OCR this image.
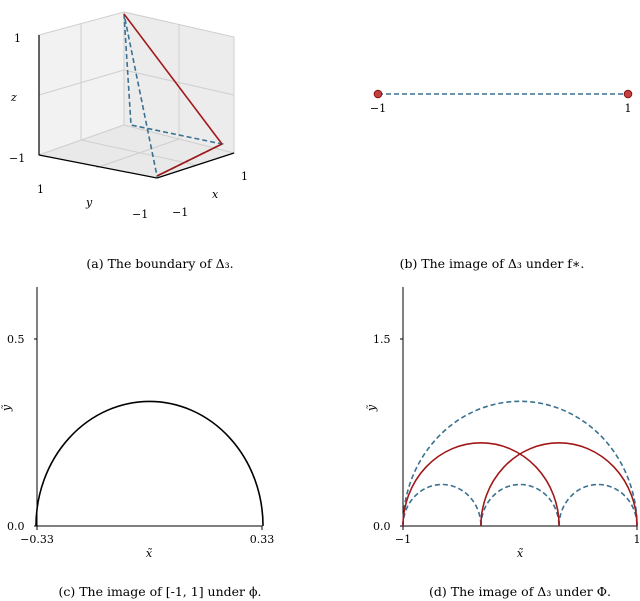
1
−1
z
1
−1
y
1
−1
x
(a) The boundary of Δ₃.
−1	1
(b) The image of Δ₃ under f∗.
0.0
0.5
−0.33	0.33
x̃
ỹ
(c) The image of [-1, 1] under ϕ.
0.0
1.5
−1	1
x̃
ỹ
(d) The image of Δ₃ under Φ.
